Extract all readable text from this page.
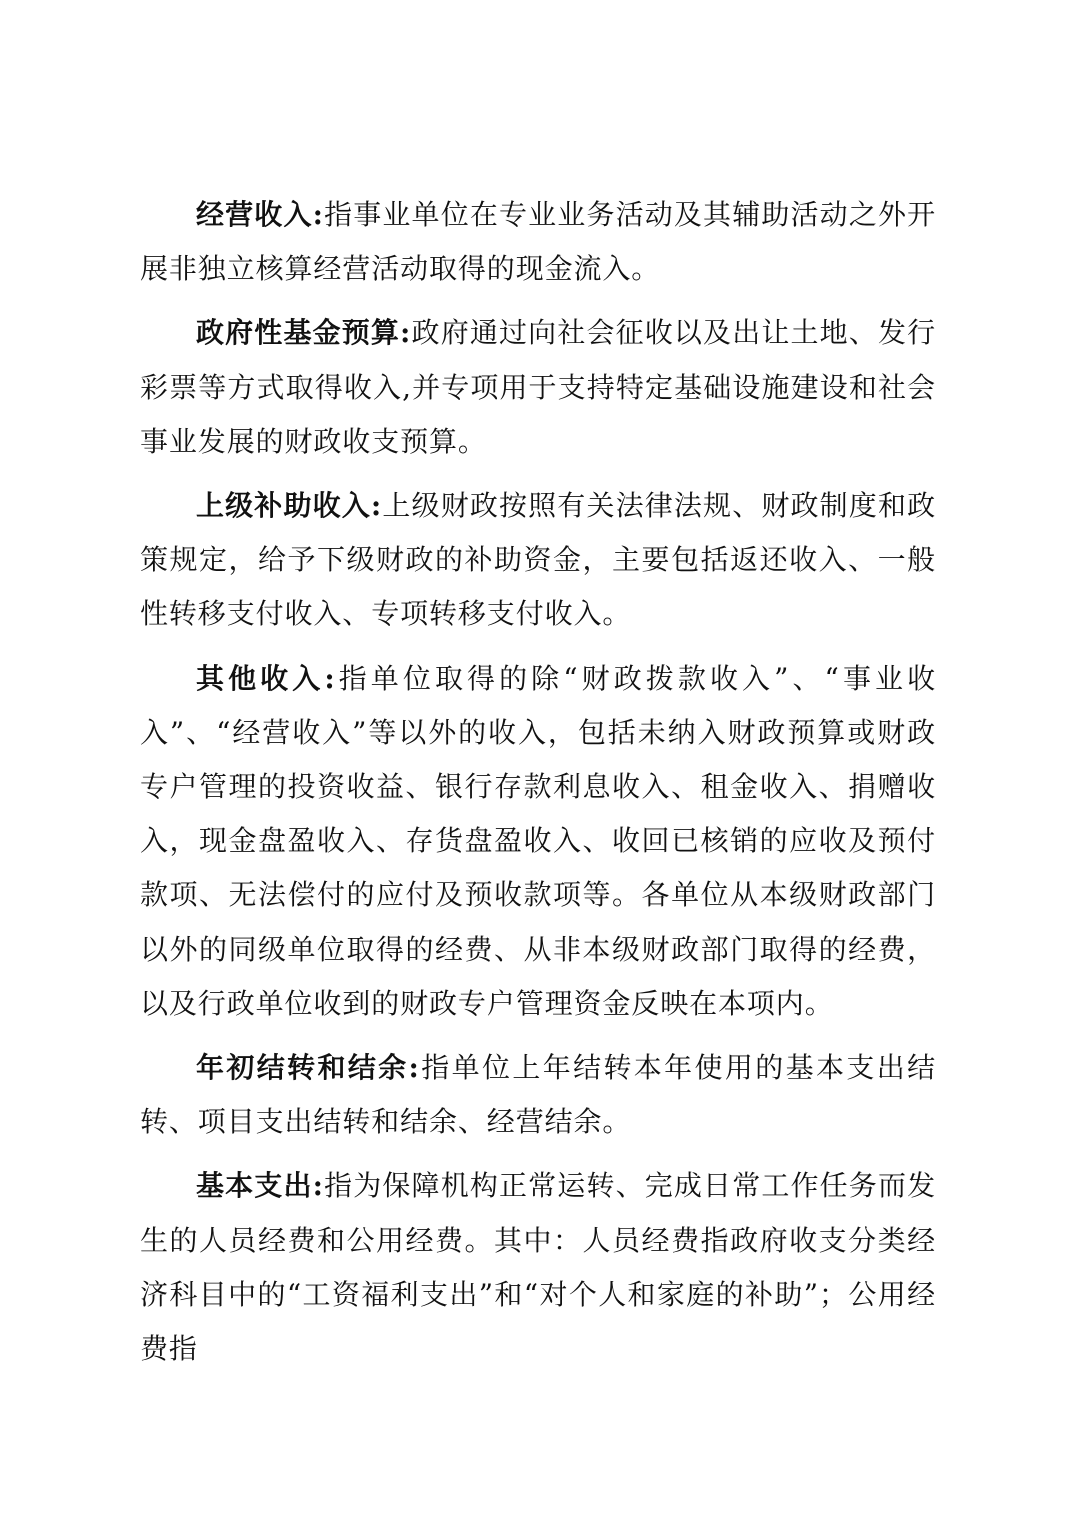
经营收入:指事业单位在专业业务活动及其辅助活动之外开展非独立核算经营活动取得的现金流入。

政府性基金预算:政府通过向社会征收以及出让土地、发行彩票等方式取得收入,并专项用于支持特定基础设施建设和社会事业发展的财政收支预算。

上级补助收入:上级财政按照有关法律法规、财政制度和政策规定，给予下级财政的补助资金，主要包括返还收入、一般性转移支付收入、专项转移支付收入。

其他收入:指单位取得的除“财政拨款收入”、“事业收入”、“经营收入”等以外的收入，包括未纳入财政预算或财政专户管理的投资收益、银行存款利息收入、租金收入、捐赠收入，现金盘盈收入、存货盘盈收入、收回已核销的应收及预付款项、无法偿付的应付及预收款项等。各单位从本级财政部门以外的同级单位取得的经费、从非本级财政部门取得的经费，以及行政单位收到的财政专户管理资金反映在本项内。

年初结转和结余:指单位上年结转本年使用的基本支出结转、项目支出结转和结余、经营结余。

基本支出:指为保障机构正常运转、完成日常工作任务而发生的人员经费和公用经费。其中：人员经费指政府收支分类经济科目中的“工资福利支出”和“对个人和家庭的补助”；公用经费指
